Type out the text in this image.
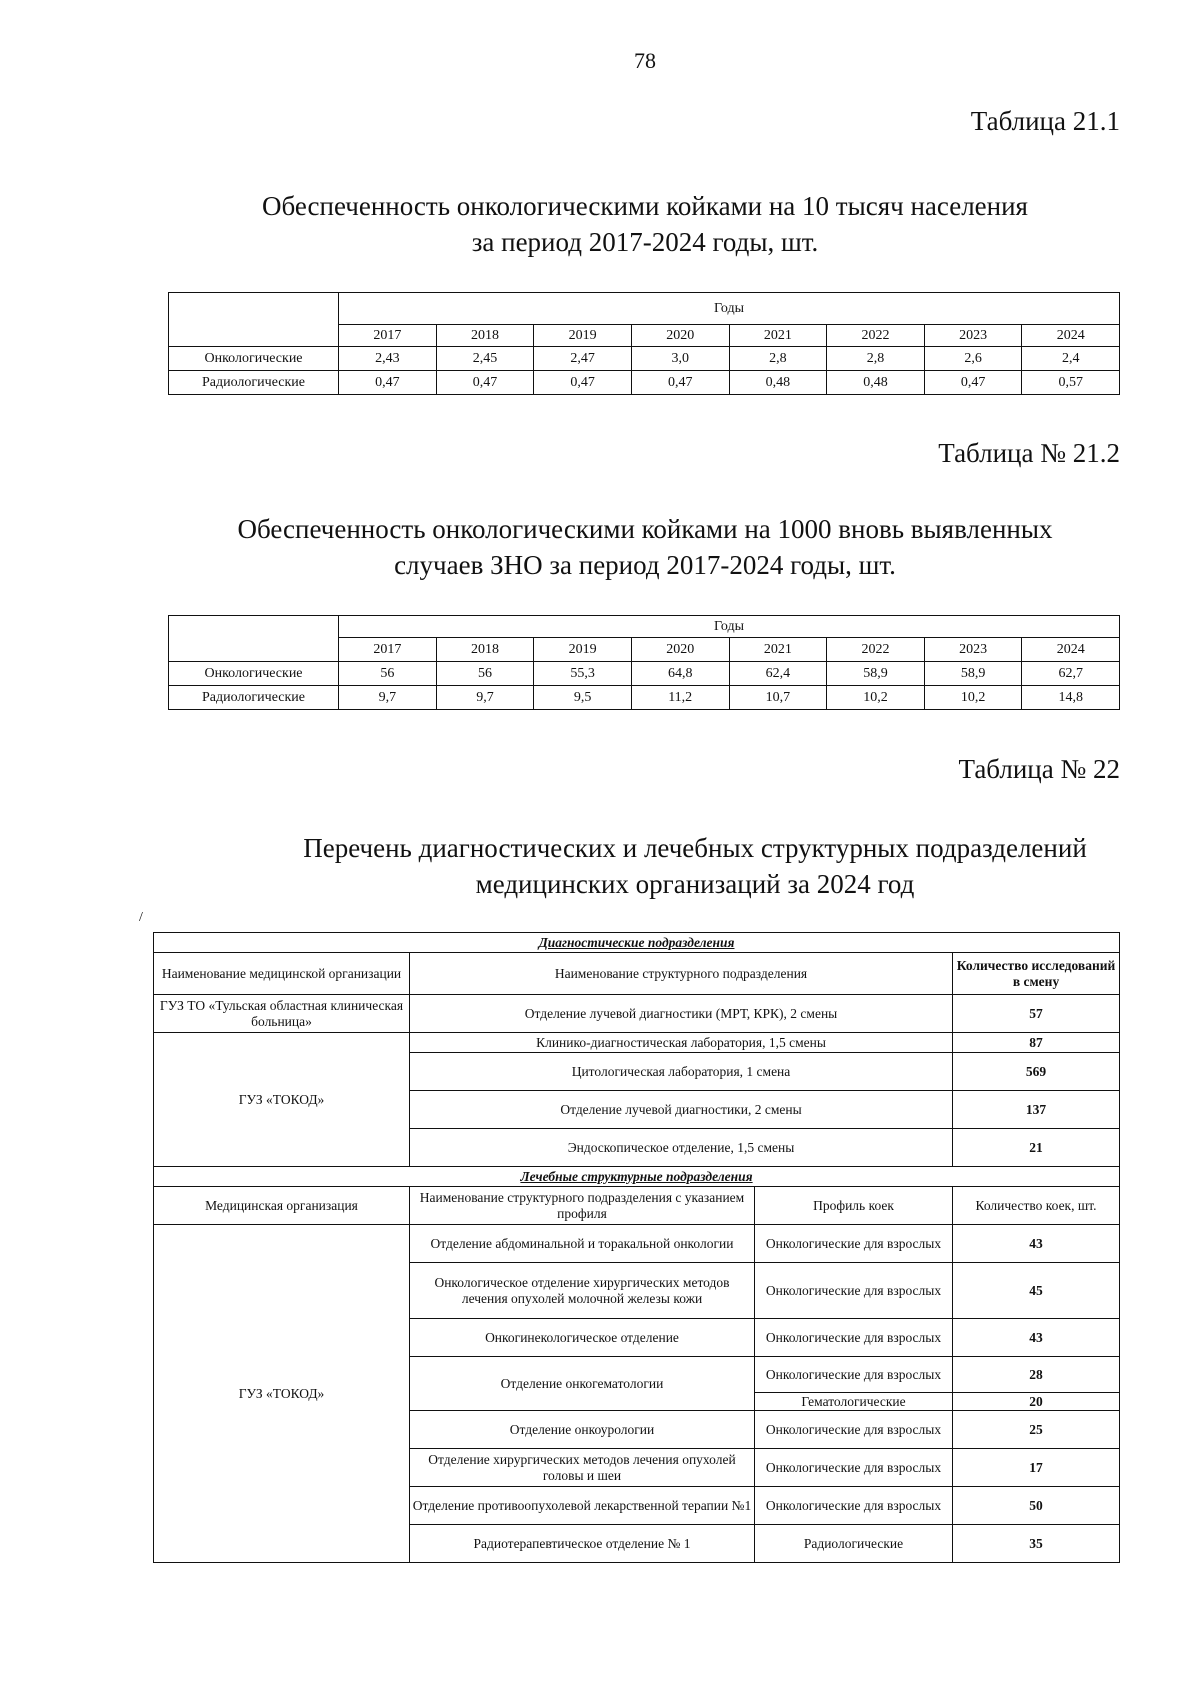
78
Таблица 21.1
Обеспеченность онкологическими койками на 10 тысяч населения
за период 2017-2024 годы, шт.
	Годы							
	2017	2018	2019	2020	2021	2022	2023	2024
Онкологические	2,43	2,45	2,47	3,0	2,8	2,8	2,6	2,4
Радиологические	0,47	0,47	0,47	0,47	0,48	0,48	0,47	0,57
Таблица № 21.2
Обеспеченность онкологическими койками на 1000 вновь выявленных
случаев ЗНО за период 2017-2024 годы, шт.
	Годы							
	2017	2018	2019	2020	2021	2022	2023	2024
Онкологические	56	56	55,3	64,8	62,4	58,9	58,9	62,7
Радиологические	9,7	9,7	9,5	11,2	10,7	10,2	10,2	14,8
Таблица № 22
Перечень диагностических и лечебных структурных подразделений
медицинских организаций за 2024 год
/
Диагностические подразделения			
Наименование медицинской организации	Наименование структурного подразделения		Количество исследований в смену
ГУЗ ТО «Тульская областная клиническая больница»	Отделение лучевой диагностики (МРТ, КРК), 2 смены		57
ГУЗ «ТОКОД»	Клинико-диагностическая лаборатория, 1,5 смены		87
	Цитологическая лаборатория, 1 смена		569
	Отделение лучевой диагностики, 2 смены		137
	Эндоскопическое отделение, 1,5 смены		21
Лечебные структурные подразделения			
Медицинская организация	Наименование структурного подразделения с указанием профиля	Профиль коек	Количество коек, шт.
ГУЗ «ТОКОД»	Отделение абдоминальной и торакальной онкологии	Онкологические для взрослых	43
	Онкологическое отделение хирургических методов лечения опухолей молочной железы кожи	Онкологические для взрослых	45
	Онкогинекологическое отделение	Онкологические для взрослых	43
	Отделение онкогематологии	Онкологические для взрослых	28
		Гематологические	20
	Отделение онкоурологии	Онкологические для взрослых	25
	Отделение хирургических методов лечения опухолей головы и шеи	Онкологические для взрослых	17
	Отделение противоопухолевой лекарственной терапии №1	Онкологические для взрослых	50
	Радиотерапевтическое отделение № 1	Радиологические	35
